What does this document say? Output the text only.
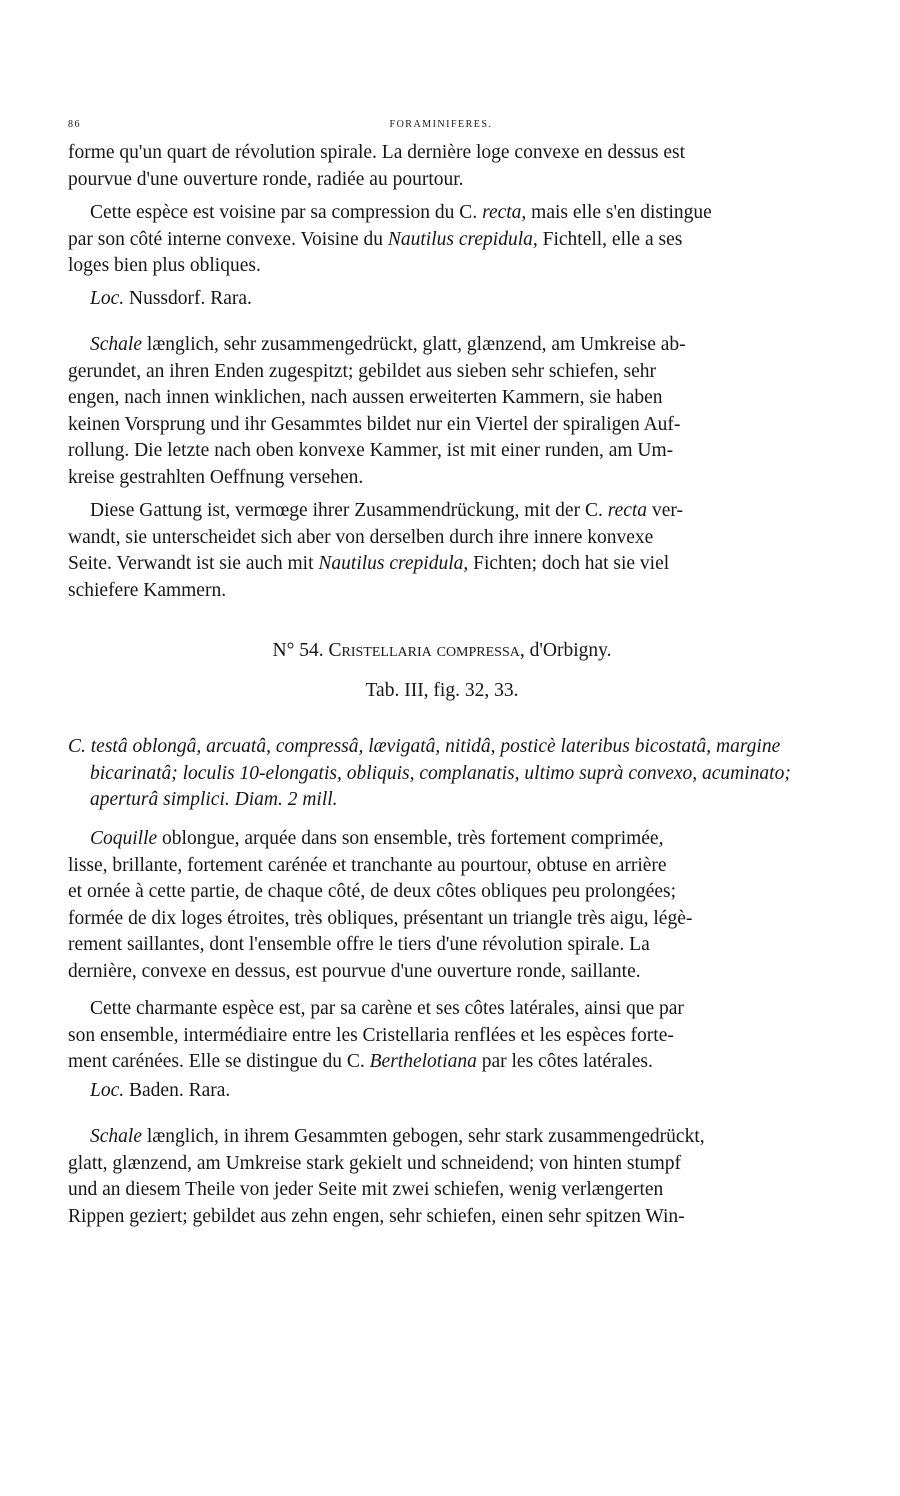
86	FORAMINIFERES.

forme qu'un quart de révolution spirale. La dernière loge convexe en dessus est
pourvue d'une ouverture ronde, radiée au pourtour.

Cette espèce est voisine par sa compression du C. recta, mais elle s'en distingue
par son côté interne convexe. Voisine du Nautilus crepidula, Fichtell, elle a ses
loges bien plus obliques.

Loc. Nussdorf. Rara.

Schale længlich, sehr zusammengedrückt, glatt, glænzend, am Umkreise ab-
gerundet, an ihren Enden zugespitzt; gebildet aus sieben sehr schiefen, sehr
engen, nach innen winklichen, nach aussen erweiterten Kammern, sie haben
keinen Vorsprung und ihr Gesammtes bildet nur ein Viertel der spiraligen Auf-
rollung. Die letzte nach oben konvexe Kammer, ist mit einer runden, am Um-
kreise gestrahlten Oeffnung versehen.

Diese Gattung ist, vermœge ihrer Zusammendrückung, mit der C. recta ver-
wandt, sie unterscheidet sich aber von derselben durch ihre innere konvexe
Seite. Verwandt ist sie auch mit Nautilus crepidula, Fichten; doch hat sie viel
schiefere Kammern.

N° 54. Cristellaria compressa, d'Orbigny.
Tab. III, fig. 32, 33.

C. testâ oblongâ, arcuatâ, compressâ, lævigatâ, nitidâ, posticè lateribus bicostatâ, margine
bicarinatâ; loculis 10-elongatis, obliquis, complanatis, ultimo suprà convexo, acuminato;
aperturâ simplici. Diam. 2 mill.

Coquille oblongue, arquée dans son ensemble, très fortement comprimée,
lisse, brillante, fortement carénée et tranchante au pourtour, obtuse en arrière
et ornée à cette partie, de chaque côté, de deux côtes obliques peu prolongées;
formée de dix loges étroites, très obliques, présentant un triangle très aigu, légè-
rement saillantes, dont l'ensemble offre le tiers d'une révolution spirale. La
dernière, convexe en dessus, est pourvue d'une ouverture ronde, saillante.

Cette charmante espèce est, par sa carène et ses côtes latérales, ainsi que par
son ensemble, intermédiaire entre les Cristellaria renflées et les espèces forte-
ment carénées. Elle se distingue du C. Berthelotiana par les côtes latérales.

Loc. Baden. Rara.

Schale længlich, in ihrem Gesammten gebogen, sehr stark zusammengedrückt,
glatt, glænzend, am Umkreise stark gekielt und schneidend; von hinten stumpf
und an diesem Theile von jeder Seite mit zwei schiefen, wenig verlængerten
Rippen geziert; gebildet aus zehn engen, sehr schiefen, einen sehr spitzen Win-
